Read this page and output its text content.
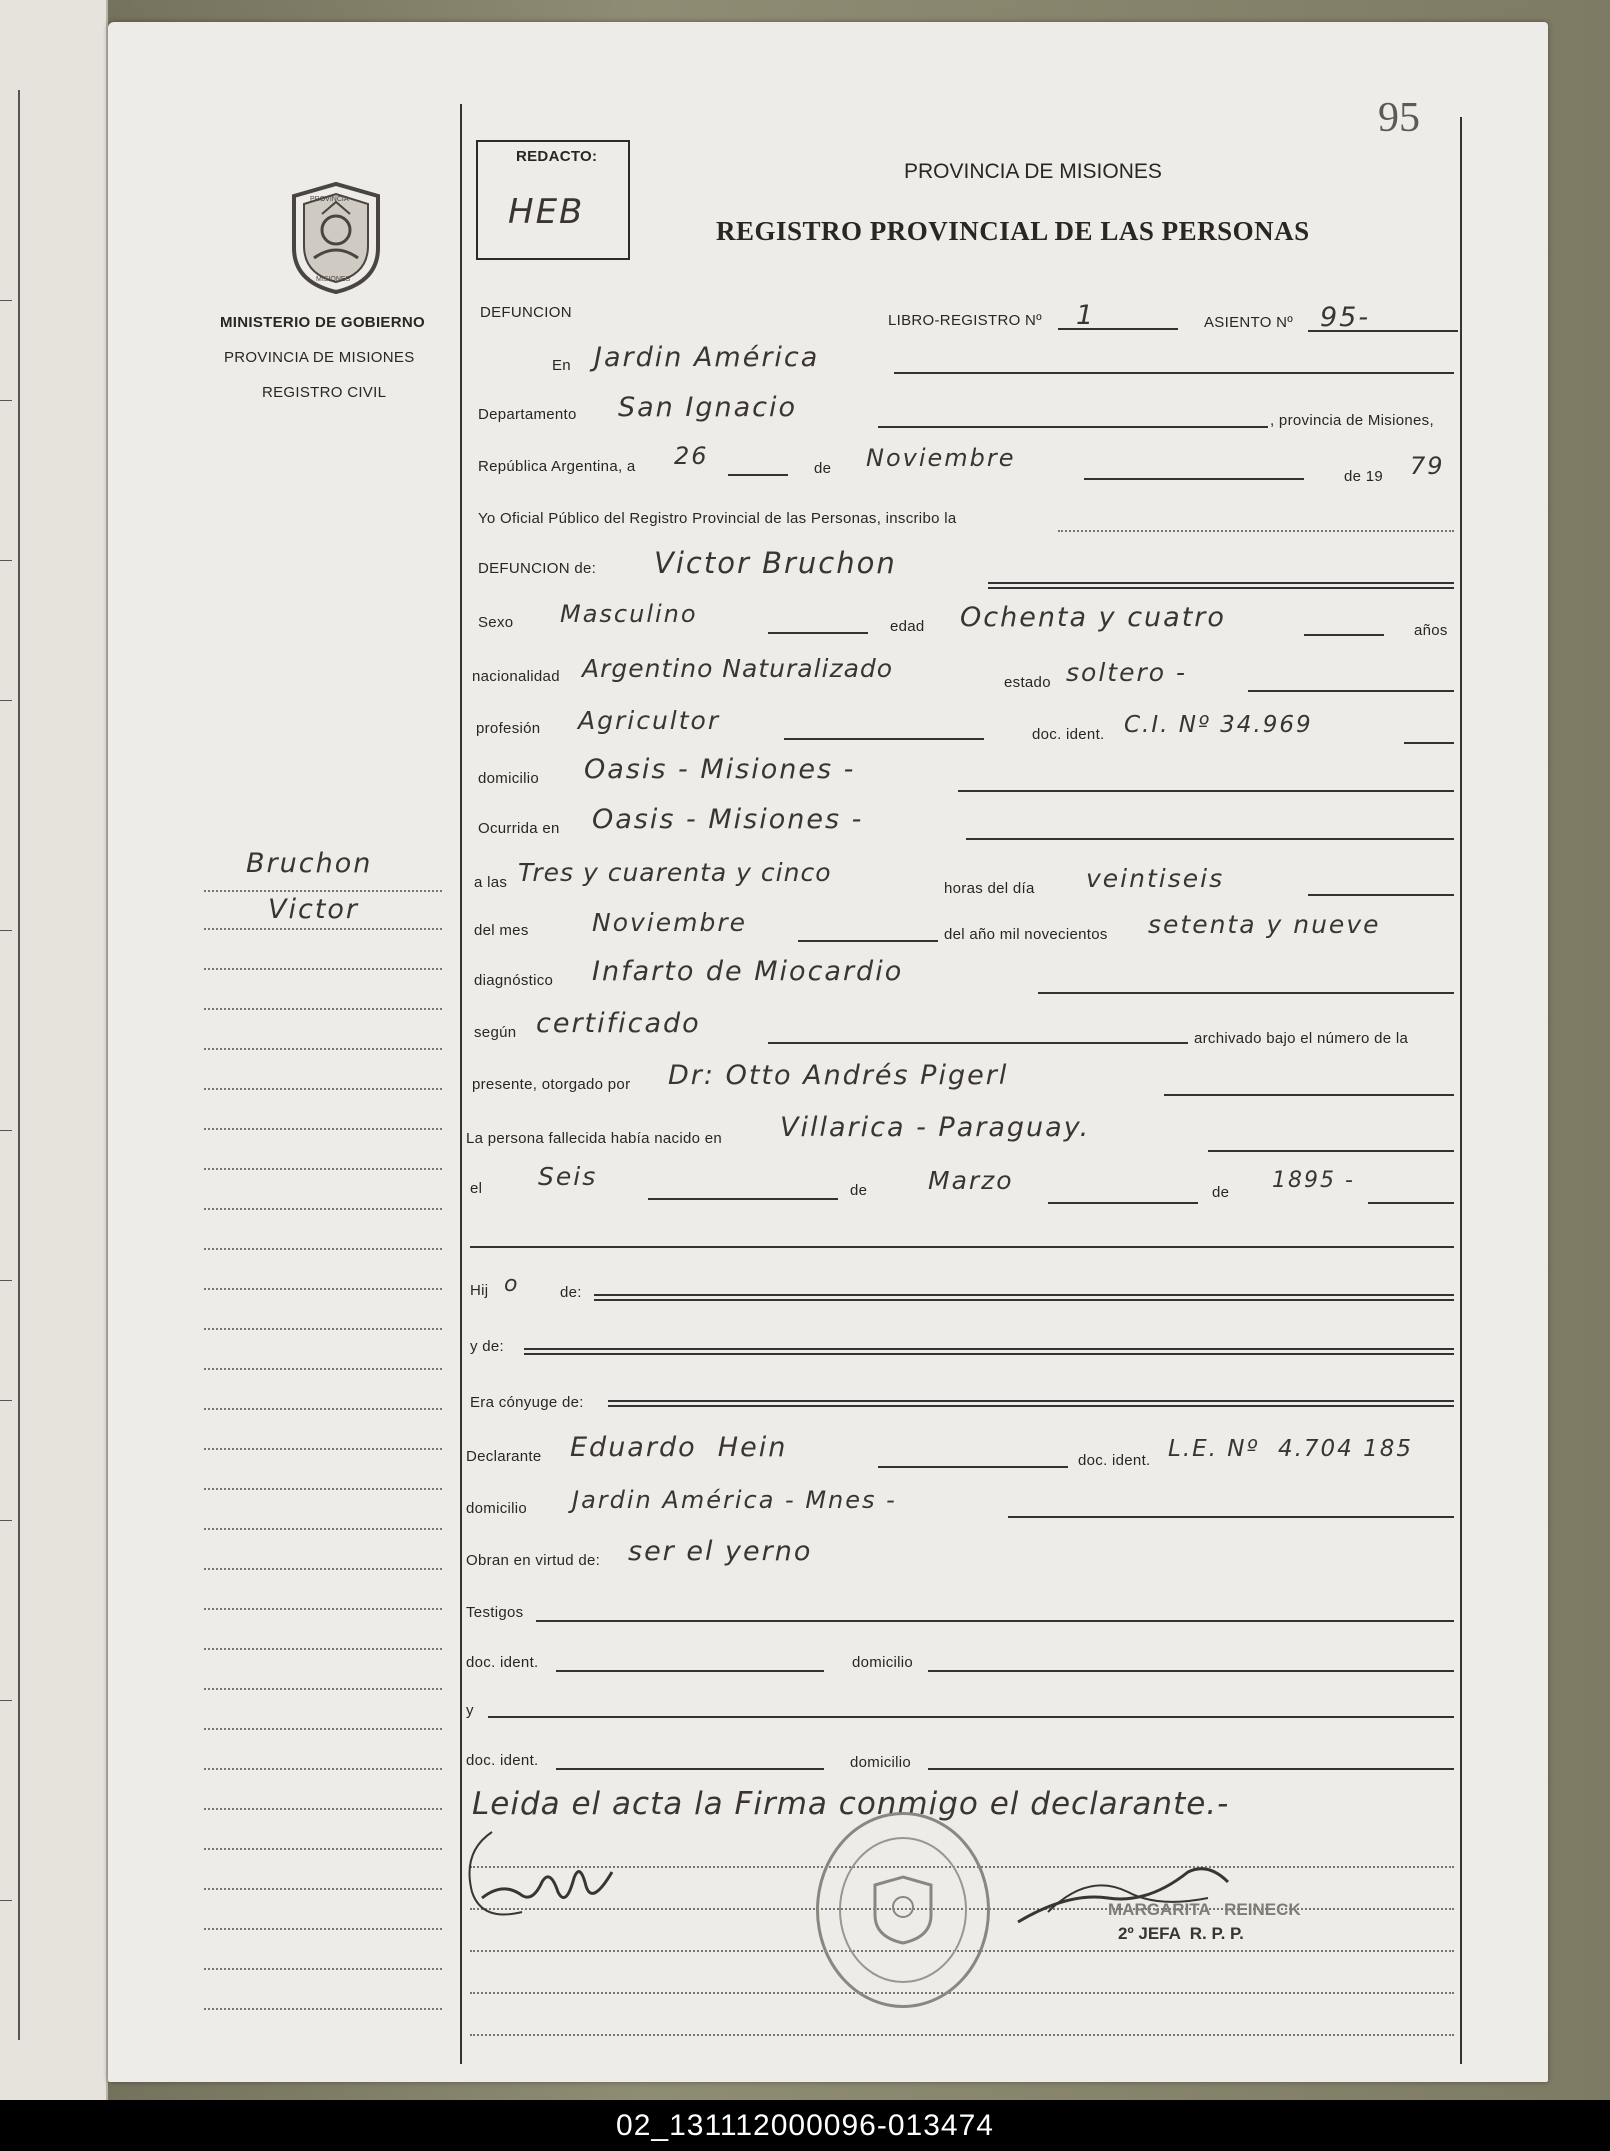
95
REDACTO:
HEB
PROVINCIA DE MISIONES
REGISTRO PROVINCIAL DE LAS PERSONAS
PROVINCIA
MISIONES
MINISTERIO DE GOBIERNO
PROVINCIA DE MISIONES
REGISTRO CIVIL
Bruchon
Victor
DEFUNCION	LIBRO-REGISTRO Nº 1	ASIENTO Nº 95-
En Jardin América
Departamento San Ignacio	, provincia de Misiones,
República Argentina, a 26	de Noviembre
de 19 79
Yo Oficial Público del Registro Provincial de las Personas, inscribo la
DEFUNCION de: Victor Bruchon
Sexo Masculino	edad Ochenta y cuatro	años
nacionalidad Argentino Naturalizado	estado soltero -
profesión Agricultor	doc. ident. C.I. Nº 34.969
domicilio Oasis - Misiones -
Ocurrida en Oasis - Misiones -
a las Tres y cuarenta y cinco
horas del día veintiseis
del mes	Noviembre	del año mil novecientos setenta y nueve
diagnóstico Infarto de Miocardio
según certificado	archivado bajo el número de la
presente, otorgado por Dr: Otto Andrés Pigerl
La persona fallecida había nacido en Villarica - Paraguay.
el Seis	de Marzo	de 1895 -
Hij o	de:
y de:
Era cónyuge de:
Declarante Eduardo  Hein	doc. ident. L.E. Nº  4.704 185
domicilio Jardin América - Mnes -
Obran en virtud de: ser el yerno
Testigos
doc. ident.	domicilio
y
doc. ident.	domicilio
Leida el acta la Firma conmigo el declarante.-
MARGARITA   REINECK
2º JEFA  R. P. P.
02_131112000096-013474
